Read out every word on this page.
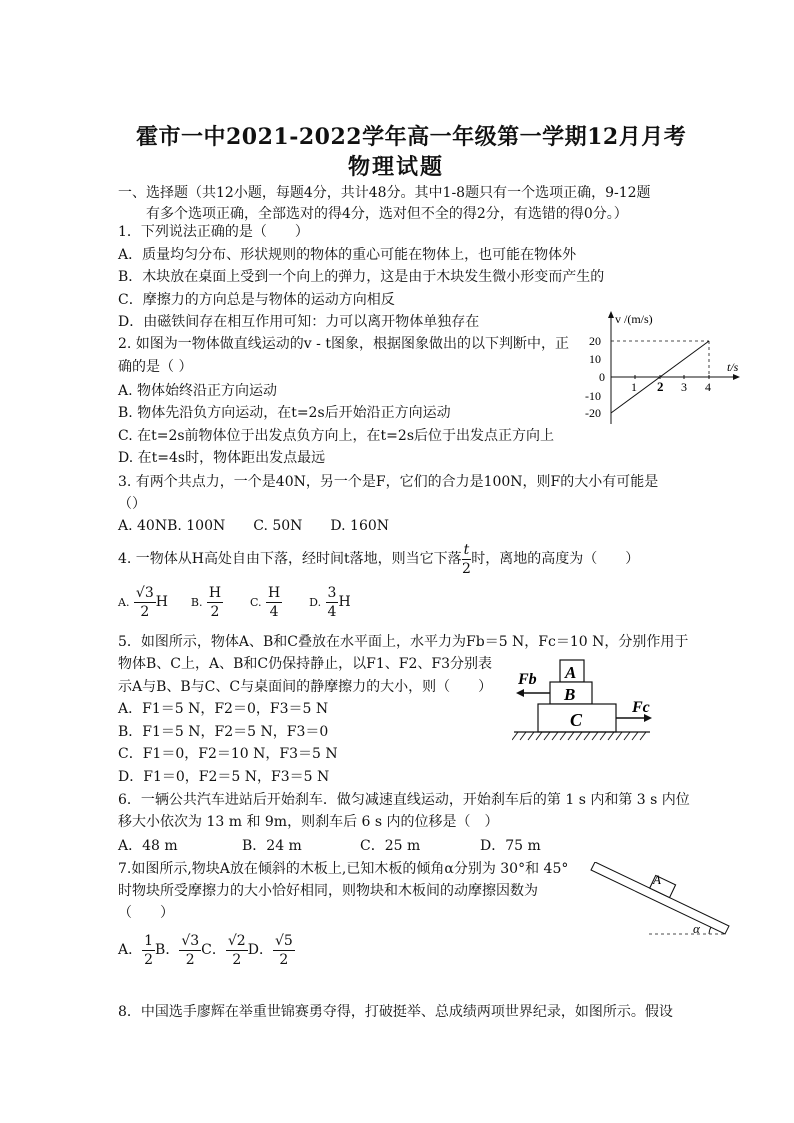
霍市一中2021-2022学年高一年级第一学期12月月考
物理试题
一、选择题（共12小题，每题4分，共计48分。其中1-8题只有一个选项正确，9-12题
有多个选项正确，全部选对的得4分，选对但不全的得2分，有选错的得0分。）
1．下列说法正确的是（　　）
A．质量均匀分布、形状规则的物体的重心可能在物体上，也可能在物体外
B．木块放在桌面上受到一个向上的弹力，这是由于木块发生微小形变而产生的
C．摩擦力的方向总是与物体的运动方向相反
D．由磁铁间存在相互作用可知：力可以离开物体单独存在
2. 如图为一物体做直线运动的v - t图象，根据图象做出的以下判断中，正
确的是（ ）
A. 物体始终沿正方向运动
B. 物体先沿负方向运动，在t=2s后开始沿正方向运动
C. 在t=2s前物体位于出发点负方向上，在t=2s后位于出发点正方向上
D. 在t=4s时，物体距出发点最远
v /(m/s)
t/s
20
10
0
-10
-20
1 2 3 4
3. 有两个共点力，一个是40N，另一个是F，它们的合力是100N，则F的大小有可能是
（）
A. 40NB. 100N　　C. 50N　　D. 160N
4. 一物体从H高处自由下落，经时间t落地，则当它下落 $\frac{t}{2}$ 时，离地的高度为（　　）
A. $\frac{√3}{2}$ H B. $\frac{H}{2} C$. $\frac{H}{4} D$. $\frac{3}{4}$ H
5．如图所示，物体A、B和C叠放在水平面上，水平力为Fb＝5 N，Fc＝10 N，分别作用于
物体B、C上，A、B和C仍保持静止，以F1、F2、F3分别表
示A与B、B与C、C与桌面间的静摩擦力的大小，则（　　）
A．F1＝5 N，F2＝0，F3＝5 N
B．F1＝5 N，F2＝5 N，F3＝0
C．F1＝0，F2＝10 N，F3＝5 N
D．F1＝0，F2＝5 N，F3＝5 N
A
B
C
Fb
Fc
6．一辆公共汽车进站后开始刹车．做匀减速直线运动，开始刹车后的第 1 s 内和第 3 s 内位
移大小依次为 13 m 和 9m，则刹车后 6 s 内的位移是（　）
A．48 m	B．24 m	C．25 m	D．75 m
7.如图所示,物块A放在倾斜的木板上,已知木板的倾角α分别为 30°和 45°
时物块所受摩擦力的大小恰好相同，则物块和木板间的动摩擦因数为
（　　）
A． $\frac{1}{2}$ B． $\frac{√3}{2}$ C． $\frac{√2}{2}$ D． $\frac{√5}{2}$
A
α
8．中国选手廖辉在举重世锦赛勇夺得，打破挺举、总成绩两项世界纪录，如图所示。假设
